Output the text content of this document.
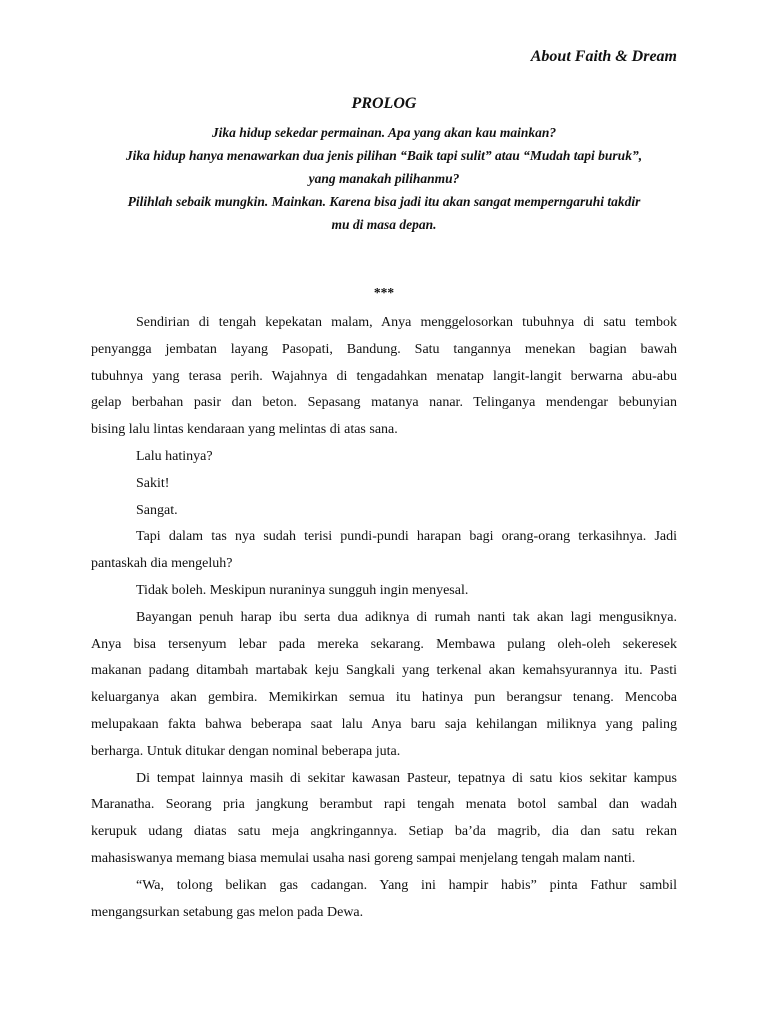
About Faith & Dream
PROLOG
Jika hidup sekedar permainan. Apa yang akan kau mainkan?
Jika hidup hanya menawarkan dua jenis pilihan “Baik tapi sulit” atau “Mudah tapi buruk”,
yang manakah pilihanmu?
Pilihlah sebaik mungkin. Mainkan. Karena bisa jadi itu akan sangat memperngaruhi takdir
mu di masa depan.
***
Sendirian di tengah kepekatan malam, Anya menggelosorkan tubuhnya di satu tembok
penyangga jembatan layang Pasopati, Bandung. Satu tangannya menekan bagian bawah
tubuhnya yang terasa perih. Wajahnya di tengadahkan menatap langit-langit berwarna abu-abu
gelap berbahan pasir dan beton. Sepasang matanya nanar. Telinganya mendengar bebunyian
bising lalu lintas kendaraan yang melintas di atas sana.
Lalu hatinya?
Sakit!
Sangat.
Tapi dalam tas nya sudah terisi pundi-pundi harapan bagi orang-orang terkasihnya. Jadi
pantaskah dia mengeluh?
Tidak boleh. Meskipun nuraninya sungguh ingin menyesal.
Bayangan penuh harap ibu serta dua adiknya di rumah nanti tak akan lagi mengusiknya.
Anya bisa tersenyum lebar pada mereka sekarang. Membawa pulang oleh-oleh sekeresek
makanan padang ditambah martabak keju Sangkali yang terkenal akan kemahsyurannya itu. Pasti
keluarganya akan gembira. Memikirkan semua itu hatinya pun berangsur tenang. Mencoba
melupakaan fakta bahwa beberapa saat lalu Anya baru saja kehilangan miliknya yang paling
berharga. Untuk ditukar dengan nominal beberapa juta.
Di tempat lainnya masih di sekitar kawasan Pasteur, tepatnya di satu kios sekitar kampus
Maranatha. Seorang pria jangkung berambut rapi tengah menata botol sambal dan wadah
kerupuk udang diatas satu meja angkringannya. Setiap ba’da magrib, dia dan satu rekan
mahasiswanya memang biasa memulai usaha nasi goreng sampai menjelang tengah malam nanti.
“Wa, tolong belikan gas cadangan. Yang ini hampir habis” pinta Fathur sambil
mengangsurkan setabung gas melon pada Dewa.
